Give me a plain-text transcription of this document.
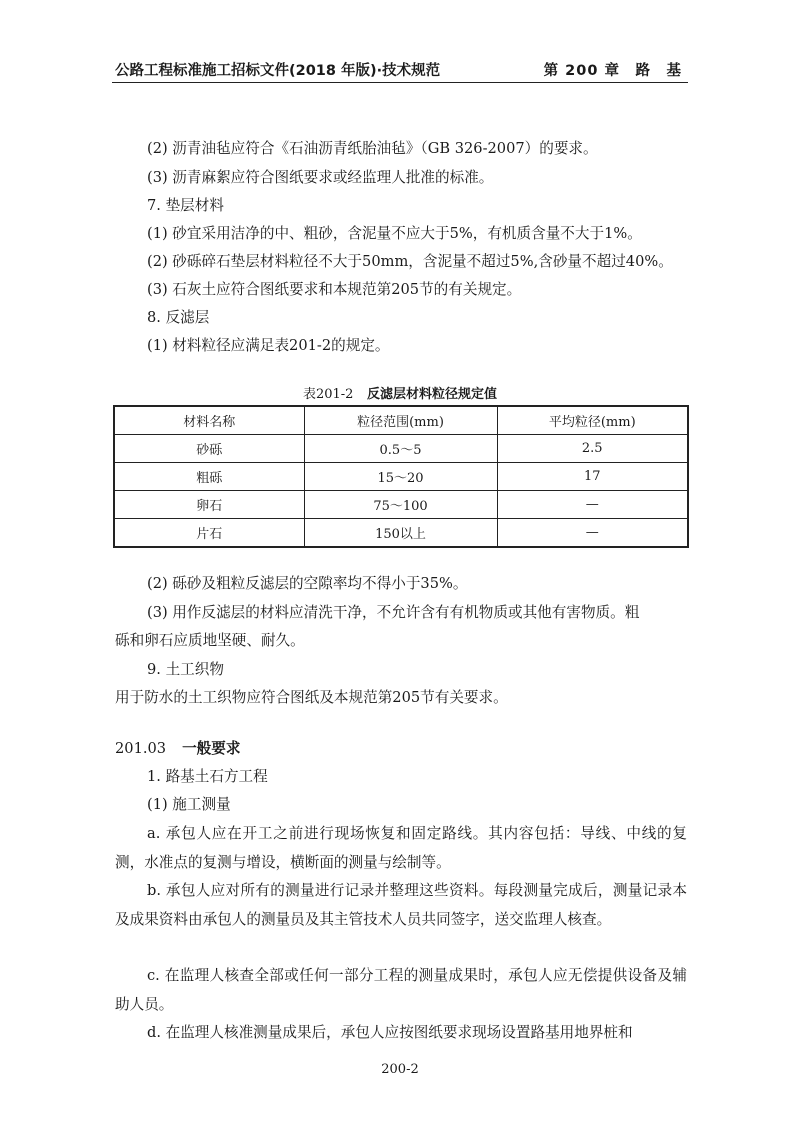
公路工程标准施工招标文件(2018 年版)·技术规范	第 200 章　路　基
(2) 沥青油毡应符合《石油沥青纸胎油毡》（GB 326-2007）的要求。
(3) 沥青麻絮应符合图纸要求或经监理人批准的标准。
7. 垫层材料
(1) 砂宜采用洁净的中、粗砂，含泥量不应大于5%，有机质含量不大于1%。
(2) 砂砾碎石垫层材料粒径不大于50mm，含泥量不超过5%,含砂量不超过40%。
(3) 石灰土应符合图纸要求和本规范第205节的有关规定。
8. 反滤层
(1) 材料粒径应满足表201-2的规定。
表201-2 反滤层材料粒径规定值
材料名称	粒径范围(mm)	平均粒径(mm)
砂砾	0.5～5	2.5
粗砾	15～20	17
卵石	75～100	—
片石	150以上	—
(2) 砾砂及粗粒反滤层的空隙率均不得小于35%。
(3) 用作反滤层的材料应清洗干净，不允许含有有机物质或其他有害物质。粗
砾和卵石应质地坚硬、耐久。
9. 土工织物
用于防水的土工织物应符合图纸及本规范第205节有关要求。
201.03 一般要求
1. 路基土石方工程
(1) 施工测量
a. 承包人应在开工之前进行现场恢复和固定路线。其内容包括：导线、中线的复测，水准点的复测与增设，横断面的测量与绘制等。
b. 承包人应对所有的测量进行记录并整理这些资料。每段测量完成后，测量记录本及成果资料由承包人的测量员及其主管技术人员共同签字，送交监理人核查。
c. 在监理人核查全部或任何一部分工程的测量成果时，承包人应无偿提供设备及辅助人员。
d. 在监理人核准测量成果后，承包人应按图纸要求现场设置路基用地界桩和
200-2
